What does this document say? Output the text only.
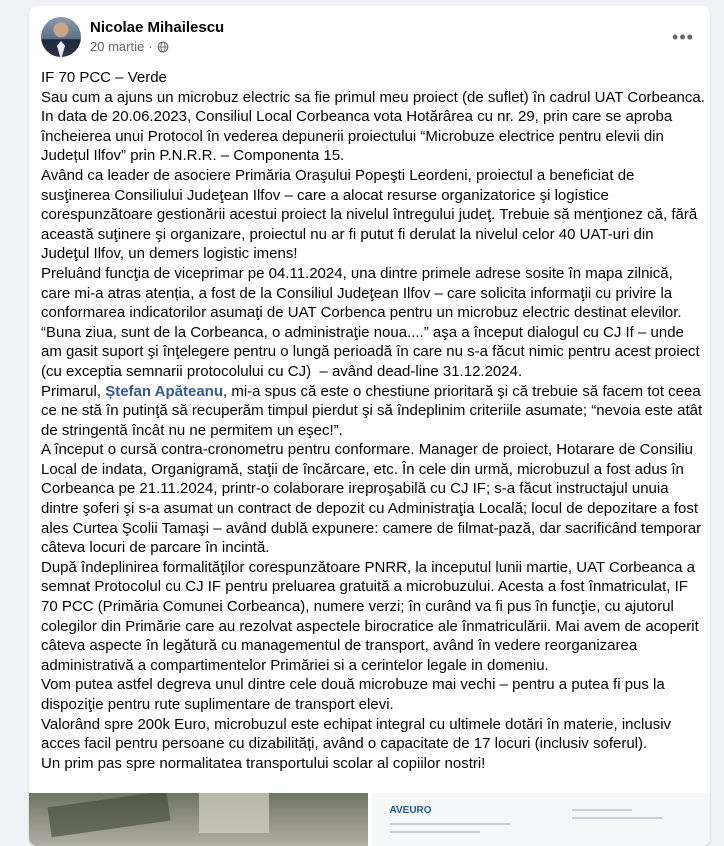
Nicolae Mihailescu
20 martie ·	•••

IF 70 PCC – Verde

Sau cum a ajuns un microbuz electric sa fie primul meu proiect (de suflet) în cadrul UAT Corbeanca.

In data de 20.06.2023, Consiliul Local Corbeanca vota Hotărârea cu nr. 29, prin care se aproba încheierea unui Protocol în vederea depunerii proiectului “Microbuze electrice pentru elevii din Județul Ilfov” prin P.N.R.R. – Componenta 15.

Având ca leader de asociere Primăria Oraşului Popeşti Leordeni, proiectul a beneficiat de susţinerea Consiliului Judeţean Ilfov – care a alocat resurse organizatorice şi logistice corespunzătoare gestionării acestui proiect la nivelul întregului judeţ. Trebuie să menţionez că, fără această suţinere şi organizare, proiectul nu ar fi putut fi derulat la nivelul celor 40 UAT-uri din Judeţul Ilfov, un demers logistic imens!

Preluând funcţia de viceprimar pe 04.11.2024, una dintre primele adrese sosite în mapa zilnică, care mi-a atras atenția, a fost de la Consiliul Judeţean Ilfov – care solicita informaţii cu privire la conformarea indicatorilor asumaţi de UAT Corbenca pentru un microbuz electric destinat elevilor.

“Buna ziua, sunt de la Corbeanca, o administraţie noua....” aşa a început dialogul cu CJ If – unde am gasit suport şi înţelegere pentru o lungă perioadă în care nu s-a făcut nimic pentru acest proiect (cu exceptia semnarii protocolului cu CJ)  – având dead-line 31.12.2024.

Primarul, Ștefan Apăteanu, mi-a spus că este o chestiune prioritară şi că trebuie să facem tot ceea ce ne stă în putinţă să recuperăm timpul pierdut şi să îndeplinim criteriile asumate; “nevoia este atât de stringentă încât nu ne permitem un eşec!”.

A început o cursă contra-cronometru pentru conformare. Manager de proiect, Hotarare de Consiliu Local de indata, Organigramă, staţii de încărcare, etc. În cele din urmă, microbuzul a fost adus în Corbeanca pe 21.11.2024, printr-o colaborare ireproşabilă cu CJ IF; s-a făcut instructajul unuia dintre şoferi şi s-a asumat un contract de depozit cu Administraţia Locală; locul de depozitare a fost ales Curtea Şcolii Tamaşi – având dublă expunere: camere de filmat-pază, dar sacrificând temporar câteva locuri de parcare în incintă.

După îndeplinirea formalităţilor corespunzătoare PNRR, la inceputul lunii martie, UAT Corbeanca a semnat Protocolul cu CJ IF pentru preluarea gratuită a microbuzului. Acesta a fost înmatriculat, IF 70 PCC (Primăria Comunei Corbeanca), numere verzi; în curând va fi pus în funcţie, cu ajutorul colegilor din Primărie care au rezolvat aspectele birocratice ale înmatriculării. Mai avem de acoperit câteva aspecte în legătură cu managementul de transport, având în vedere reorganizarea administrativă a compartimentelor Primăriei si a cerintelor legale in domeniu.

Vom putea astfel degreva unul dintre cele două microbuze mai vechi – pentru a putea fi pus la dispoziţie pentru rute suplimentare de transport elevi.

Valorând spre 200k Euro, microbuzul este echipat integral cu ultimele dotări în materie, inclusiv acces facil pentru persoane cu dizabilități, având o capacitate de 17 locuri (inclusiv soferul).

Un prim pas spre normalitatea transportului scolar al copiilor nostri!

AVEURO
